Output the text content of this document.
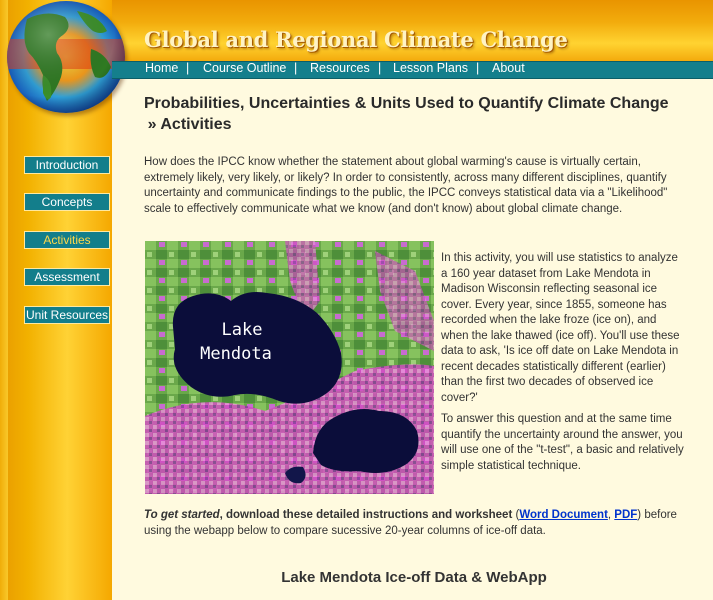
Global and Regional Climate Change
Home | Course Outline | Resources | Lesson Plans | About
Introduction
Concepts
Activities
Assessment
Unit Resources
Probabilities, Uncertainties & Units Used to Quantify Climate Change  » Activities
How does the IPCC know whether the statement about global warming's cause is virtually certain, extremely likely, very likely, or likely? In order to consistently, across many different disciplines, quantify uncertainty and communicate findings to the public, the IPCC conveys statistical data via a "Likelihood" scale to effectively communicate what we know (and don't know) about global climate change.
Lake
Mendota
In this activity, you will use statistics to analyze a 160 year dataset from Lake Mendota in Madison Wisconsin reflecting seasonal ice cover. Every year, since 1855, someone has recorded when the lake froze (ice on), and when the lake thawed (ice off). You'll use these data to ask, 'Is ice off date on Lake Mendota in recent decades statistically different (earlier) than the first two decades of observed ice cover?'
To answer this question and at the same time quantify the uncertainty around the answer, you will use one of the "t-test", a basic and relatively simple statistical technique.
To get started, download these detailed instructions and worksheet (Word Document, PDF) before using the webapp below to compare sucessive 20-year columns of ice-off data.
Lake Mendota Ice-off Data & WebApp
